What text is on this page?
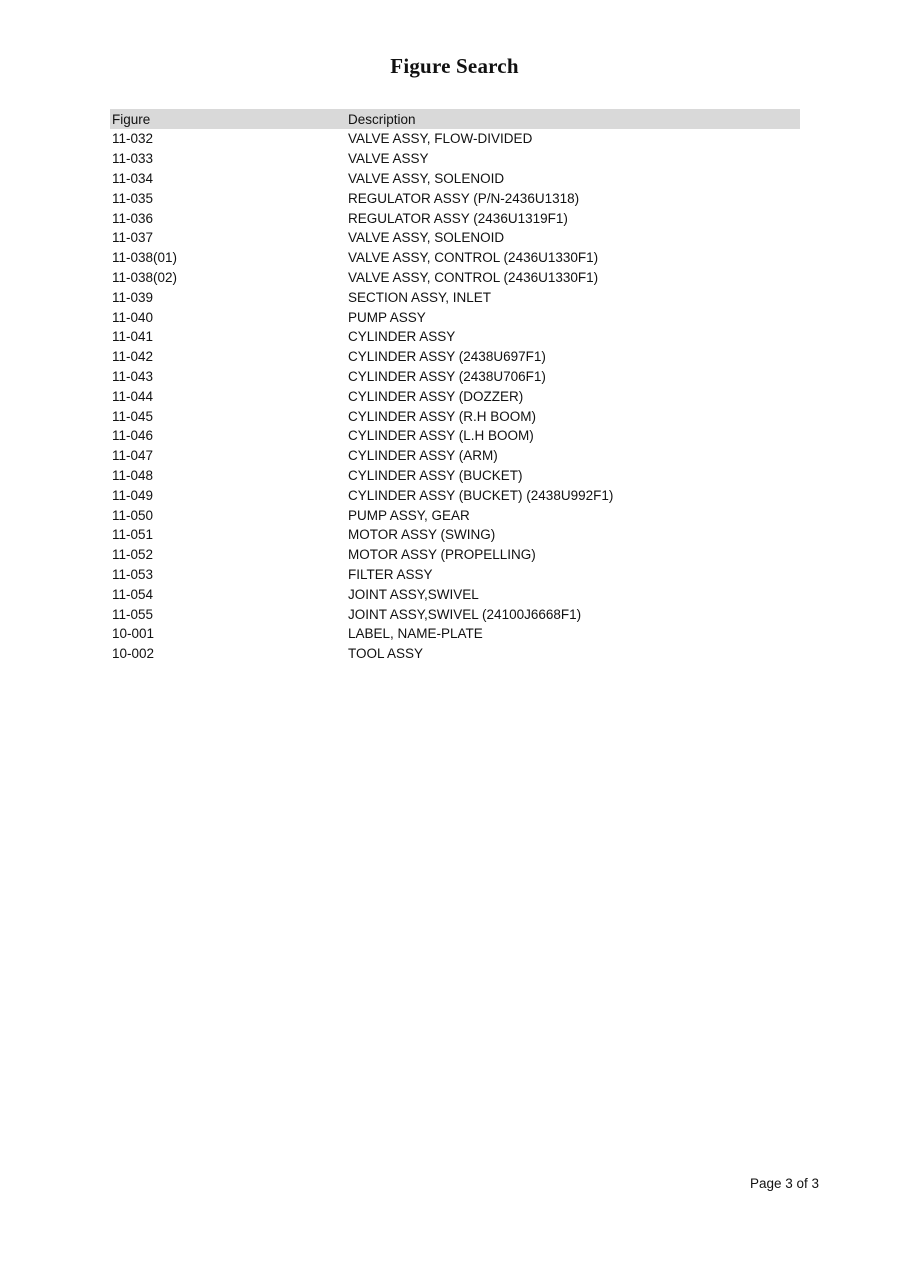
Figure Search
Figure	Description
11-032	VALVE ASSY, FLOW-DIVIDED
11-033	VALVE ASSY
11-034	VALVE ASSY, SOLENOID
11-035	REGULATOR ASSY (P/N-2436U1318)
11-036	REGULATOR ASSY (2436U1319F1)
11-037	VALVE ASSY, SOLENOID
11-038(01)	VALVE ASSY, CONTROL (2436U1330F1)
11-038(02)	VALVE ASSY, CONTROL (2436U1330F1)
11-039	SECTION ASSY, INLET
11-040	PUMP ASSY
11-041	CYLINDER ASSY
11-042	CYLINDER ASSY (2438U697F1)
11-043	CYLINDER ASSY (2438U706F1)
11-044	CYLINDER ASSY (DOZZER)
11-045	CYLINDER ASSY (R.H BOOM)
11-046	CYLINDER ASSY (L.H BOOM)
11-047	CYLINDER ASSY (ARM)
11-048	CYLINDER ASSY (BUCKET)
11-049	CYLINDER ASSY (BUCKET) (2438U992F1)
11-050	PUMP ASSY, GEAR
11-051	MOTOR ASSY (SWING)
11-052	MOTOR ASSY (PROPELLING)
11-053	FILTER ASSY
11-054	JOINT ASSY,SWIVEL
11-055	JOINT ASSY,SWIVEL (24100J6668F1)
10-001	LABEL, NAME-PLATE
10-002	TOOL ASSY
Page 3 of 3
